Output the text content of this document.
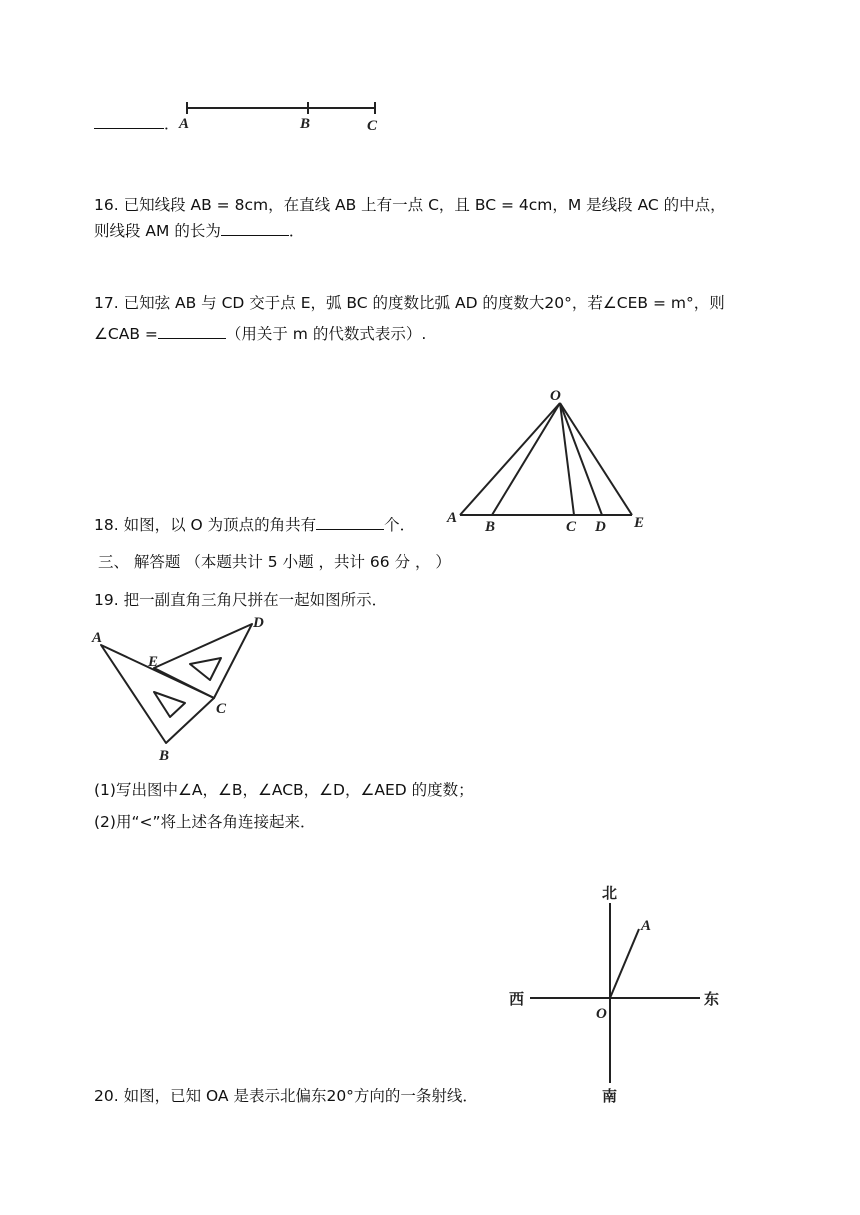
． A	B	C
16. 已知线段 AB = 8cm，在直线 AB 上有一点 C，且 BC = 4cm，M 是线段 AC 的中点，
则线段 AM 的长为	．
17. 已知弦 AB 与 CD 交于点 E，弧 BC 的度数比弧 AD 的度数大20°，若∠CEB = m°，则
∠CAB =	（用关于 m 的代数式表示）.
O
A
B	C D E
18. 如图，以 O 为顶点的角共有	个．
三、 解答题 （本题共计 5 小题 ，共计 66 分 ， ）
19. 把一副直角三角尺拼在一起如图所示．
A
B
C
D
E
(1)写出图中∠A，∠B，∠ACB，∠D，∠AED 的度数；
(2)用“<”将上述各角连接起来．
北
南
西	东
O
A
20. 如图，已知 OA 是表示北偏东20°方向的一条射线．
